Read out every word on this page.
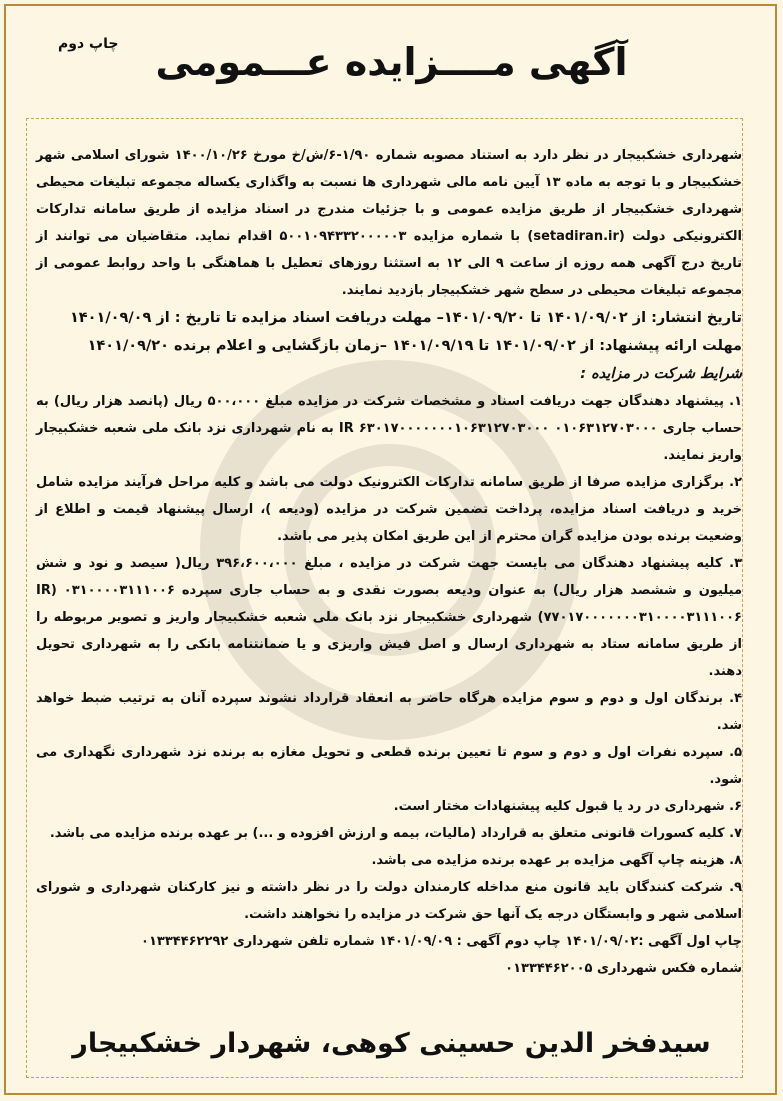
چاپ دوم آگهی مــــزایده عـــمومی

شهرداری خشکبیجار در نظر دارد به استناد مصوبه شماره ۱/۹۰-۶/ش/خ مورخ ۱۴۰۰/۱۰/۲۶ شورای اسلامی شهر خشکبیجار و با توجه به ماده ۱۳ آیین نامه مالی شهرداری ها نسبت به واگذاری یکساله مجموعه تبلیغات محیطی شهرداری خشکبیجار از طریق مزایده عمومی و با جزئیات مندرج در اسناد مزایده از طریق سامانه تدارکات الکترونیکی دولت (setadiran.ir) با شماره مزایده ۵۰۰۱۰۹۴۳۳۲۰۰۰۰۰۳ اقدام نماید. متقاضیان می توانند از تاریخ درج آگهی همه روزه از ساعت ۹ الی ۱۲ به استثنا روزهای تعطیل با هماهنگی با واحد روابط عمومی از مجموعه تبلیغات محیطی در سطح شهر خشکبیجار بازدید نمایند.

تاریخ انتشار: از ۱۴۰۱/۰۹/۰۲ تا ۱۴۰۱/۰۹/۲۰– مهلت دریافت اسناد مزایده تا تاریخ : از ۱۴۰۱/۰۹/۰۹

مهلت ارائه پیشنهاد: از ۱۴۰۱/۰۹/۰۲ تا ۱۴۰۱/۰۹/۱۹ –زمان بازگشایی و اعلام برنده ۱۴۰۱/۰۹/۲۰

شرایط شرکت در مزایده :

۱. پیشنهاد دهندگان جهت دریافت اسناد و مشخصات شرکت در مزایده مبلغ ۵۰۰،۰۰۰ ریال (پانصد هزار ریال) به حساب جاری ۰۱۰۶۳۱۲۷۰۳۰۰۰ IR ۶۳۰۱۷۰۰۰۰۰۰۰۱۰۶۳۱۲۷۰۳۰۰۰ به نام شهرداری نزد بانک ملی شعبه خشکبیجار واریز نمایند.
۲. برگزاری مزایده صرفا از طریق سامانه تدارکات الکترونیک دولت می باشد و کلیه مراحل فرآیند مزایده شامل خرید و دریافت اسناد مزایده، پرداخت تضمین شرکت در مزایده (ودیعه )، ارسال پیشنهاد قیمت و اطلاع از وضعیت برنده بودن مزایده گران محترم از این طریق امکان پذیر می باشد.
۳. کلیه پیشنهاد دهندگان می بایست جهت شرکت در مزایده ، مبلغ ۳۹۶،۶۰۰،۰۰۰ ریال( سیصد و نود و شش میلیون و ششصد هزار ریال) به عنوان ودیعه بصورت نقدی و به حساب جاری سپرده ۰۳۱۰۰۰۰۳۱۱۱۰۰۶ (IR ۷۷۰۱۷۰۰۰۰۰۰۰۳۱۰۰۰۰۳۱۱۱۰۰۶) شهرداری خشکبیجار نزد بانک ملی شعبه خشکبیجار واریز و تصویر مربوطه را از طریق سامانه ستاد به شهرداری ارسال و اصل فیش واریزی و یا ضمانتنامه بانکی را به شهرداری تحویل دهند.
۴. برندگان اول و دوم و سوم مزایده هرگاه حاضر به انعقاد قرارداد نشوند سپرده آنان به ترتیب ضبط خواهد شد.
۵. سپرده نفرات اول و دوم و سوم تا تعیین برنده قطعی و تحویل مغازه به برنده نزد شهرداری نگهداری می شود.
۶. شهرداری در رد یا قبول کلیه پیشنهادات مختار است.
۷. کلیه کسورات قانونی متعلق به قرارداد (مالیات، بیمه و ارزش افزوده و ...) بر عهده برنده مزایده می باشد.
۸. هزینه چاپ آگهی مزایده بر عهده برنده مزایده می باشد.
۹. شرکت کنندگان باید قانون منع مداخله کارمندان دولت را در نظر داشته و نیز کارکنان شهرداری و شورای اسلامی شهر و وابستگان درجه یک آنها حق شرکت در مزایده را نخواهند داشت.

چاپ اول آگهی :۱۴۰۱/۰۹/۰۲ چاپ دوم آگهی : ۱۴۰۱/۰۹/۰۹ شماره تلفن شهرداری ۰۱۳۳۴۴۶۲۲۹۲

شماره فکس شهرداری ۰۱۳۳۴۴۶۲۰۰۵

سیدفخر الدین حسینی کوهی، شهردار خشکبیجار
